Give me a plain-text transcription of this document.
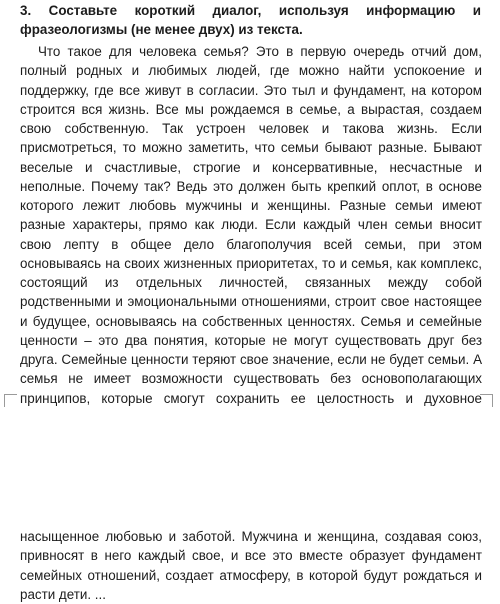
3. Составьте короткий диалог, используя информацию и фразеологизмы (не менее двух) из текста.
Что такое для человека семья? Это в первую очередь отчий дом, полный родных и любимых людей, где можно найти успокоение и поддержку, где все живут в согласии. Это тыл и фундамент, на котором строится вся жизнь. Все мы рождаемся в семье, а вырастая, создаем свою собственную. Так устроен человек и такова жизнь. Если присмотреться, то можно заметить, что семьи бывают разные. Бывают веселые и счастливые, строгие и консервативные, несчастные и неполные. Почему так? Ведь это должен быть крепкий оплот, в основе которого лежит любовь мужчины и женщины. Разные семьи имеют разные характеры, прямо как люди. Если каждый член семьи вносит свою лепту в общее дело благополучия всей семьи, при этом основываясь на своих жизненных приоритетах, то и семья, как комплекс, состоящий из отдельных личностей, связанных между собой родственными и эмоциональными отношениями, строит свое настоящее и будущее, основываясь на собственных ценностях. Семья и семейные ценности – это два понятия, которые не могут существовать друг без друга. Семейные ценности теряют свое значение, если не будет семьи. А семья не имеет возможности существовать без основополагающих принципов, которые смогут сохранить ее целостность и духовное
насыщенное любовью и заботой. Мужчина и женщина, создавая союз, привносят в него каждый свое, и все это вместе образует фундамент семейных отношений, создает атмосферу, в которой будут рождаться и расти дети. ...
